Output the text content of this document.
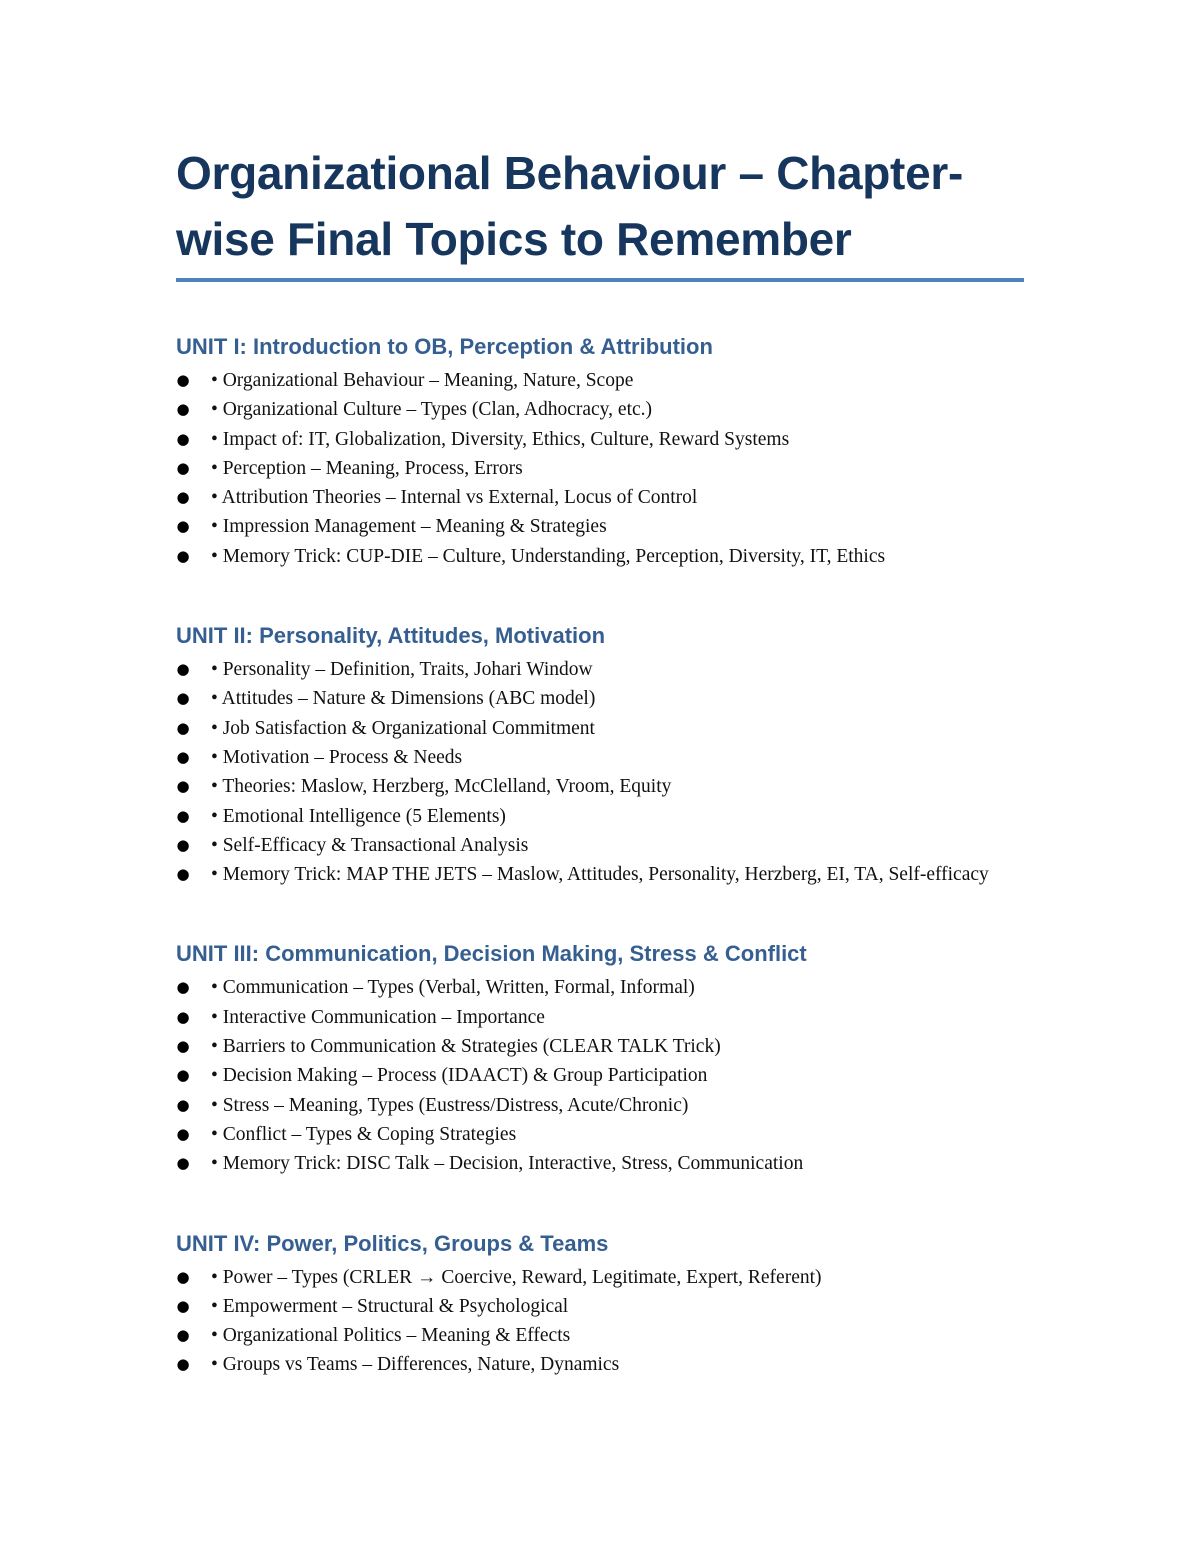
Organizational Behaviour – Chapter-wise Final Topics to Remember
UNIT I: Introduction to OB, Perception & Attribution
● • Organizational Behaviour – Meaning, Nature, Scope
● • Organizational Culture – Types (Clan, Adhocracy, etc.)
● • Impact of: IT, Globalization, Diversity, Ethics, Culture, Reward Systems
● • Perception – Meaning, Process, Errors
● • Attribution Theories – Internal vs External, Locus of Control
● • Impression Management – Meaning & Strategies
● • Memory Trick: CUP-DIE – Culture, Understanding, Perception, Diversity, IT, Ethics
UNIT II: Personality, Attitudes, Motivation
● • Personality – Definition, Traits, Johari Window
● • Attitudes – Nature & Dimensions (ABC model)
● • Job Satisfaction & Organizational Commitment
● • Motivation – Process & Needs
● • Theories: Maslow, Herzberg, McClelland, Vroom, Equity
● • Emotional Intelligence (5 Elements)
● • Self-Efficacy & Transactional Analysis
● • Memory Trick: MAP THE JETS – Maslow, Attitudes, Personality, Herzberg, EI, TA, Self-efficacy
UNIT III: Communication, Decision Making, Stress & Conflict
● • Communication – Types (Verbal, Written, Formal, Informal)
● • Interactive Communication – Importance
● • Barriers to Communication & Strategies (CLEAR TALK Trick)
● • Decision Making – Process (IDAACT) & Group Participation
● • Stress – Meaning, Types (Eustress/Distress, Acute/Chronic)
● • Conflict – Types & Coping Strategies
● • Memory Trick: DISC Talk – Decision, Interactive, Stress, Communication
UNIT IV: Power, Politics, Groups & Teams
● • Power – Types (CRLER → Coercive, Reward, Legitimate, Expert, Referent)
● • Empowerment – Structural & Psychological
● • Organizational Politics – Meaning & Effects
● • Groups vs Teams – Differences, Nature, Dynamics
